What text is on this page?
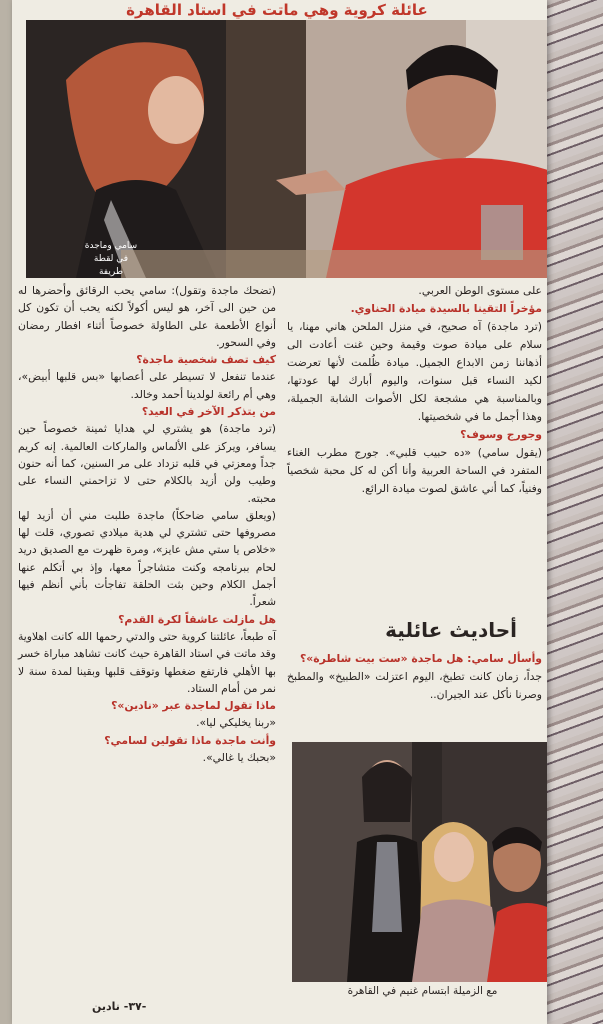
عائلة كروية وهي ماتت في استاد القاهرة
سامي وماجدة
في لقطة طريفة

على مستوى الوطن العربي.

مؤخراً التقينا بالسيدة ميادة الحناوي.

(ترد ماجدة) آه صحيح، في منزل الملحن هاني مهنا، يا سلام على ميادة صوت وقيمة وحين غنت أعادت الى أذهاننا زمن الابداع الجميل. ميادة ظُلمت لأنها تعرضت لكيد النساء قبل سنوات، واليوم أبارك لها عودتها، وبالمناسبة هي مشجعة لكل الأصوات الشابة الجميلة، وهذا أجمل ما في شخصيتها.

وجورج وسوف؟

(يقول سامي) «ده حبيب قلبي». جورج مطرب الغناء المتفرد في الساحة العربية وأنا أكن له كل محبة شخصياً وفنياً، كما أني عاشق لصوت ميادة الرائع.

أحاديث عائلية

وأسأل سامي: هل ماجدة «ست بيت شاطرة»؟

جداً، زمان كانت تطبخ، اليوم اعتزلت «الطبيخ» والمطبخ وصرنا نأكل عند الجيران..

(تضحك ماجدة وتقول): سامي يحب الرقائق وأحضرها له من حين الى آخر، هو ليس أكولاً لكنه يحب أن تكون كل أنواع الأطعمة على الطاولة خصوصاً أثناء افطار رمضان وفي السحور.

كيف تصف شخصية ماجدة؟

عندما تنفعل لا تسيطر على أعصابها «بس قلبها أبيض»، وهي أم رائعة لولدينا أحمد وخالد.

من يتذكر الآخر في العيد؟

(ترد ماجدة) هو يشتري لي هدايا ثمينة خصوصاً حين يسافر، ويركز على الألماس والماركات العالمية. إنه كريم جداً ومعزتي في قلبه تزداد على مر السنين، كما أنه حنون وطيب ولن أزيد بالكلام حتى لا تزاحمني النساء على محبته.

(ويعلق سامي ضاحكاً) ماجدة طلبت مني أن أزيد لها مصروفها حتى تشتري لي هدية ميلادي تصوري، قلت لها «خلاص يا ستي مش عايز»، ومرة ظهرت مع الصديق دريد لحام ببرنامجه وكنت متشاجراً معها، وإذ بي أتكلم عنها أجمل الكلام وحين بثت الحلقة تفاجأت بأني أنظم فيها شعراً.

هل مازلت عاشقاً لكرة القدم؟

آه طبعاً، عائلتنا كروية حتى والدتي رحمها الله كانت اهلاوية وقد ماتت في استاد القاهرة حيث كانت تشاهد مباراة خسر بها الأهلي فارتفع ضغطها وتوقف قلبها وبقينا لمدة سنة لا نمر من أمام الستاد.

ماذا تقول لماجدة عبر «نادين»؟

«ربنا يخليكي ليا».

وأنت ماجدة ماذا تقولين لسامي؟

«بحبك يا غالي».

مع الزميلة ابتسام غنيم في القاهرة
-٣٧- نادين
